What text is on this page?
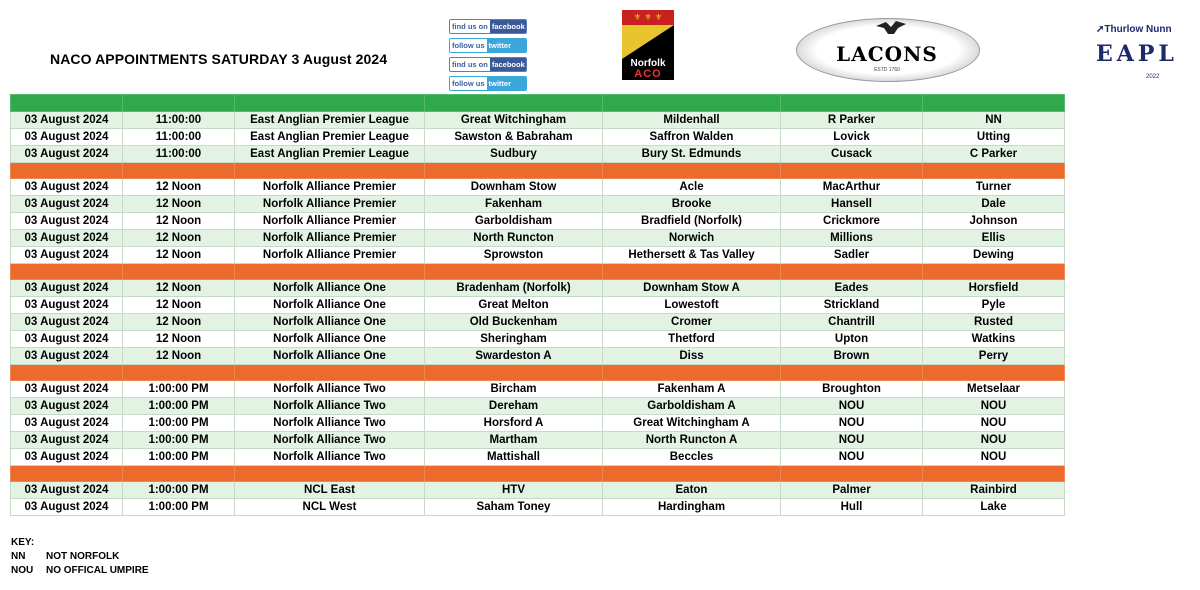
NACO APPOINTMENTS SATURDAY 3 August 2024
find us on facebook
follow us twitter
find us on facebook
follow us twitter
⚜ ⚜ ⚜
Norfolk
ACO
LACONS
ESTD 1760
➚Thurlow Nunn
EAPL
2022

03 August 2024	11:00:00	East Anglian Premier League	Great Witchingham	Mildenhall	R Parker	NN
03 August 2024	11:00:00	East Anglian Premier League	Sawston & Babraham	Saffron Walden	Lovick	Utting
03 August 2024	11:00:00	East Anglian Premier League	Sudbury	Bury St. Edmunds	Cusack	C Parker

03 August 2024	12 Noon	Norfolk Alliance Premier	Downham Stow	Acle	MacArthur	Turner
03 August 2024	12 Noon	Norfolk Alliance Premier	Fakenham	Brooke	Hansell	Dale
03 August 2024	12 Noon	Norfolk Alliance Premier	Garboldisham	Bradfield (Norfolk)	Crickmore	Johnson
03 August 2024	12 Noon	Norfolk Alliance Premier	North Runcton	Norwich	Millions	Ellis
03 August 2024	12 Noon	Norfolk Alliance Premier	Sprowston	Hethersett & Tas Valley	Sadler	Dewing

03 August 2024	12 Noon	Norfolk Alliance One	Bradenham (Norfolk)	Downham Stow A	Eades	Horsfield
03 August 2024	12 Noon	Norfolk Alliance One	Great Melton	Lowestoft	Strickland	Pyle
03 August 2024	12 Noon	Norfolk Alliance One	Old Buckenham	Cromer	Chantrill	Rusted
03 August 2024	12 Noon	Norfolk Alliance One	Sheringham	Thetford	Upton	Watkins
03 August 2024	12 Noon	Norfolk Alliance One	Swardeston A	Diss	Brown	Perry

03 August 2024	1:00:00 PM	Norfolk Alliance Two	Bircham	Fakenham A	Broughton	Metselaar
03 August 2024	1:00:00 PM	Norfolk Alliance Two	Dereham	Garboldisham A	NOU	NOU
03 August 2024	1:00:00 PM	Norfolk Alliance Two	Horsford A	Great Witchingham A	NOU	NOU
03 August 2024	1:00:00 PM	Norfolk Alliance Two	Martham	North Runcton A	NOU	NOU
03 August 2024	1:00:00 PM	Norfolk Alliance Two	Mattishall	Beccles	NOU	NOU

03 August 2024	1:00:00 PM	NCL East	HTV	Eaton	Palmer	Rainbird
03 August 2024	1:00:00 PM	NCL West	Saham Toney	Hardingham	Hull	Lake
KEY:
NN	NOT NORFOLK
NOU	NO OFFICAL UMPIRE
